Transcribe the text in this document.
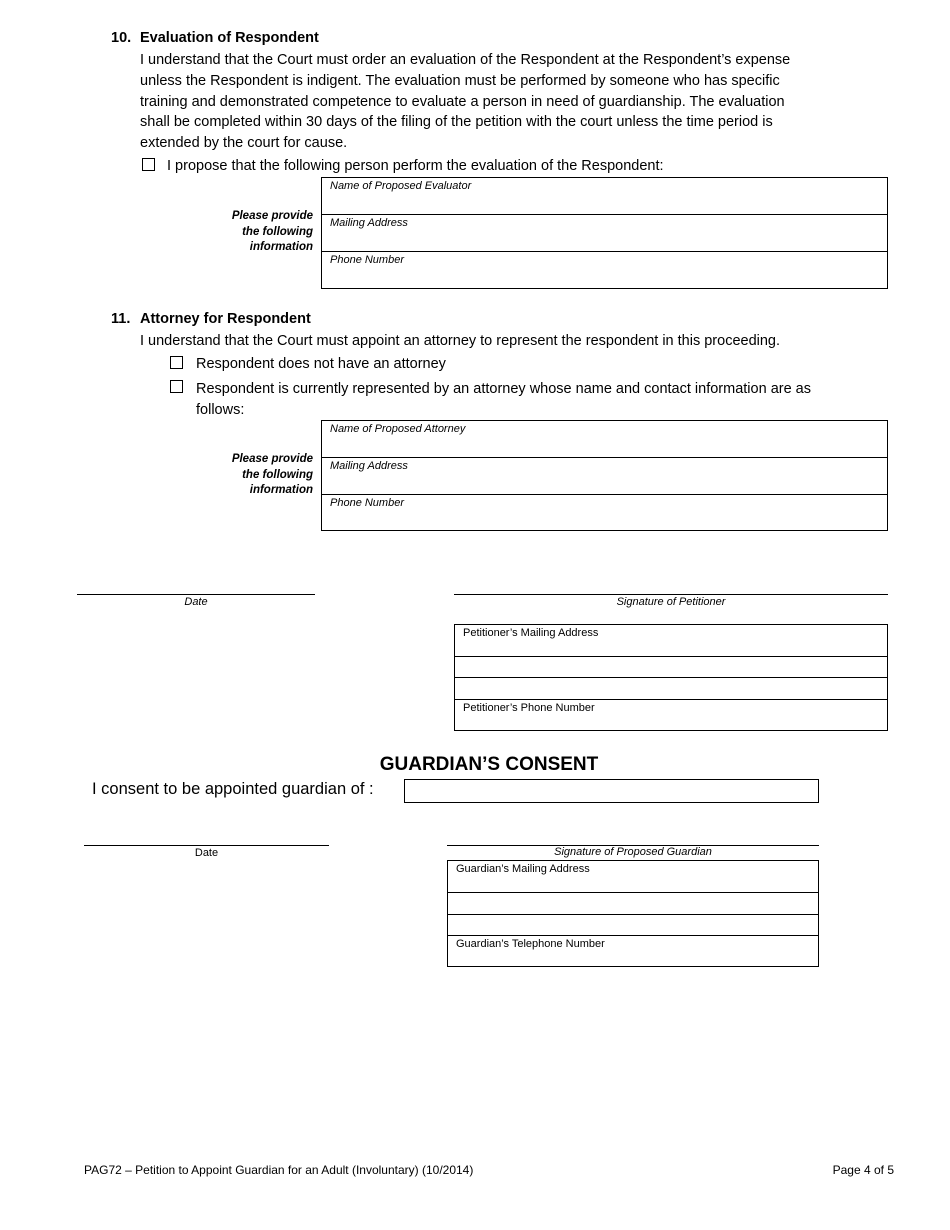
10. Evaluation of Respondent
I understand that the Court must order an evaluation of the Respondent at the Respondent’s expense
unless the Respondent is indigent. The evaluation must be performed by someone who has specific
training and demonstrated competence to evaluate a person in need of guardianship. The evaluation
shall be completed within 30 days of the filing of the petition with the court unless the time period is
extended by the court for cause.
I propose that the following person perform the evaluation of the Respondent:
Please provide
the following
information
Name of Proposed Evaluator
Mailing Address
Phone Number
11. Attorney for Respondent
I understand that the Court must appoint an attorney to represent the respondent in this proceeding.
Respondent does not have an attorney
Respondent is currently represented by an attorney whose name and contact information are as
follows:
Please provide
the following
information
Name of Proposed Attorney
Mailing Address
Phone Number
Date	Signature of Petitioner
Petitioner’s Mailing Address
Petitioner’s Phone Number
GUARDIAN’S CONSENT
I consent to be appointed guardian of :
Date	Signature of Proposed Guardian
Guardian’s Mailing Address
Guardian’s Telephone Number
PAG72 – Petition to Appoint Guardian for an Adult (Involuntary) (10/2014)	Page 4 of 5
